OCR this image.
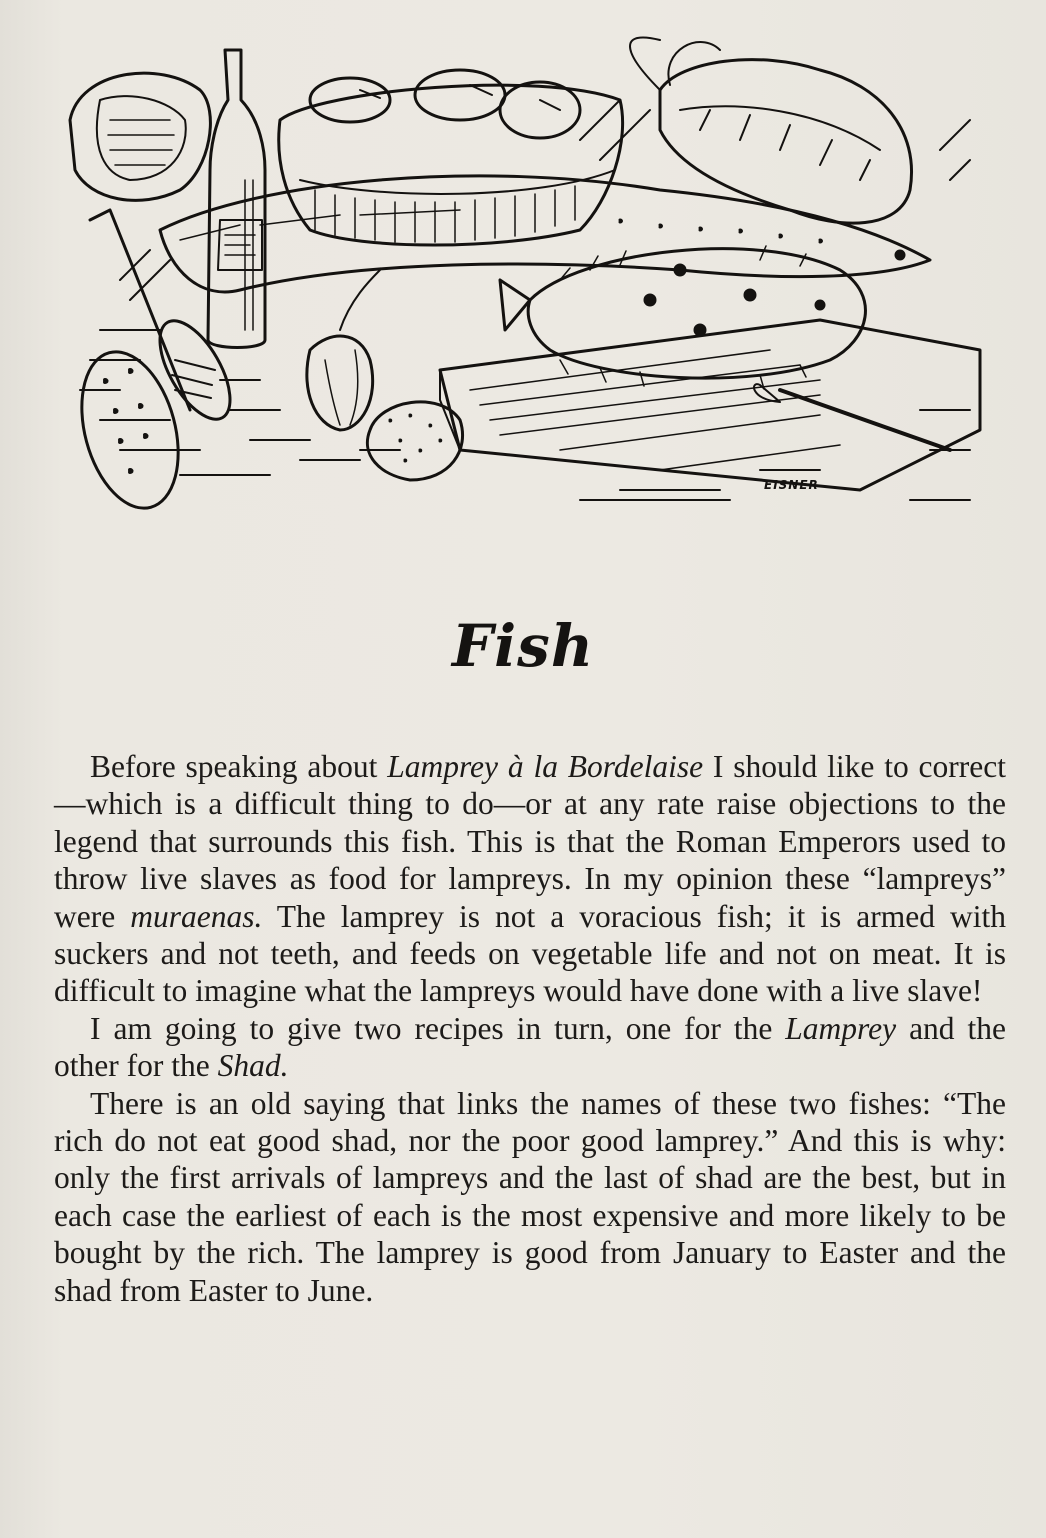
EISNER
Fish

Before speaking about Lamprey à la Bordelaise I should like to correct—which is a difficult thing to do—or at any rate raise objections to the legend that surrounds this fish. This is that the Roman Emperors used to throw live slaves as food for lampreys. In my opinion these “lampreys” were muraenas. The lamprey is not a voracious fish; it is armed with suckers and not teeth, and feeds on vegetable life and not on meat. It is difficult to imagine what the lampreys would have done with a live slave!

I am going to give two recipes in turn, one for the Lamprey and the other for the Shad.

There is an old saying that links the names of these two fishes: “The rich do not eat good shad, nor the poor good lamprey.” And this is why: only the first arrivals of lampreys and the last of shad are the best, but in each case the earliest of each is the most expensive and more likely to be bought by the rich. The lamprey is good from January to Easter and the shad from Easter to June.
